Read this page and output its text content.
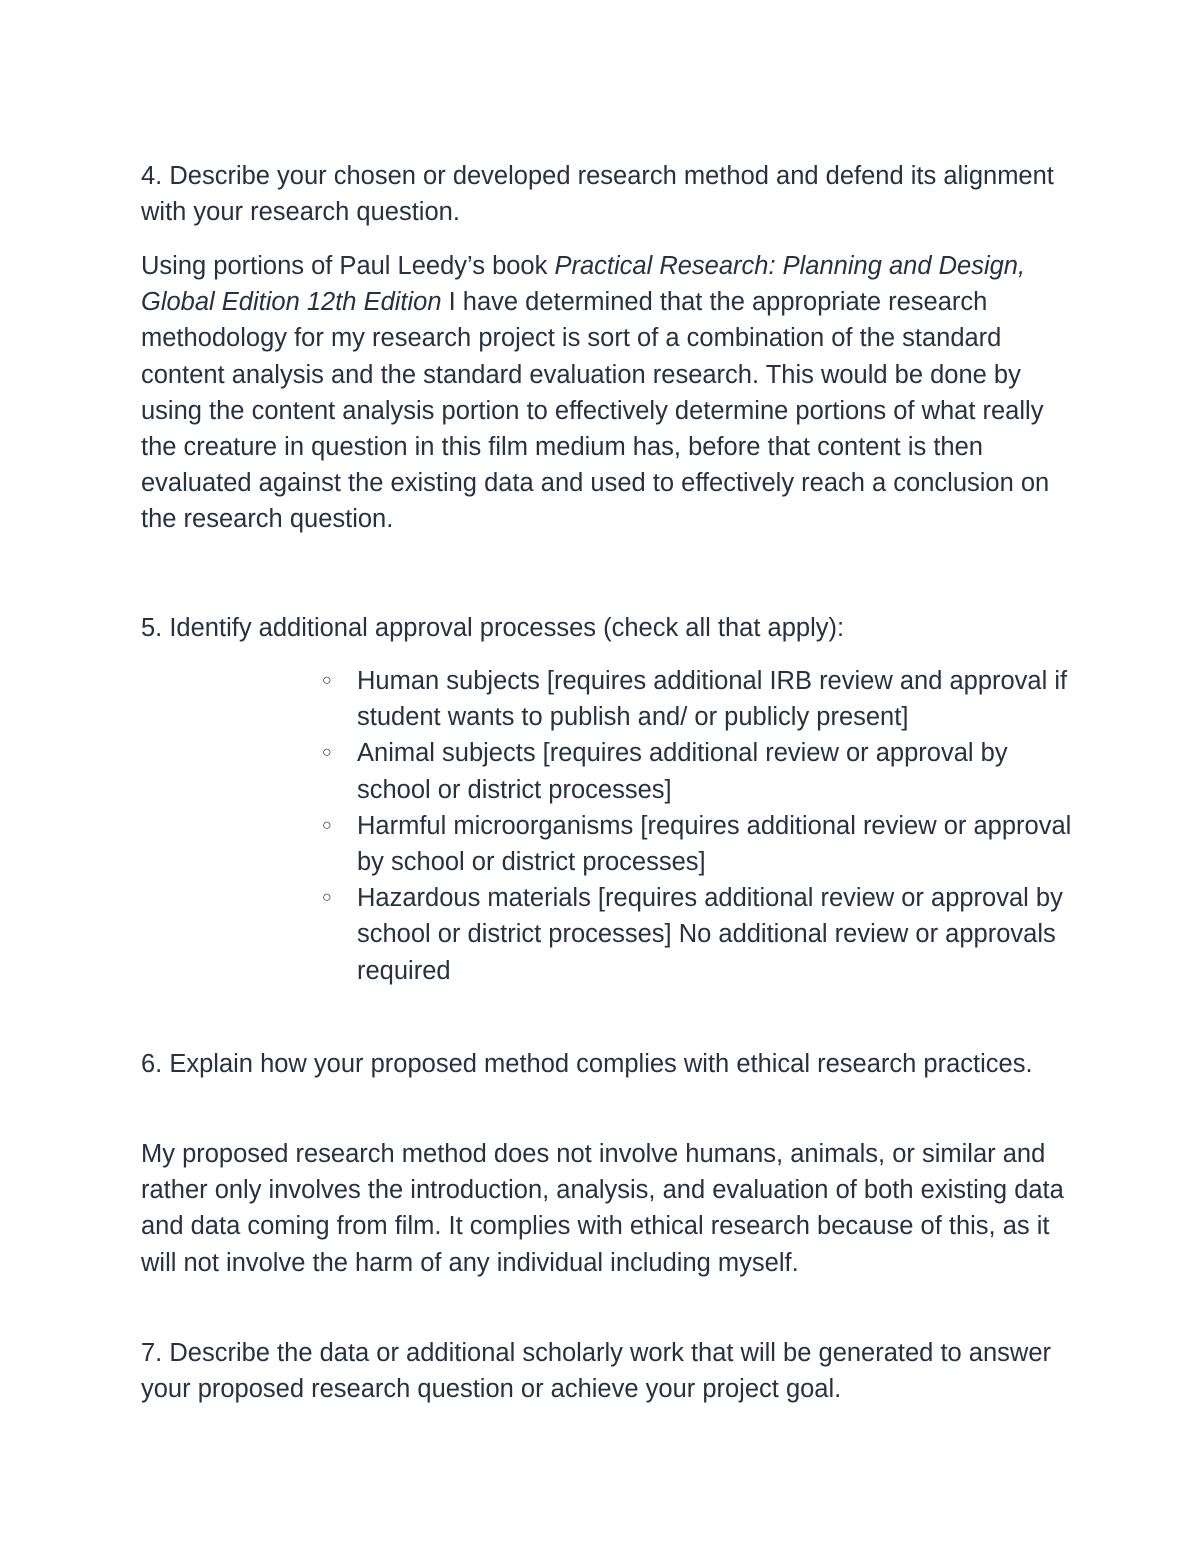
4. Describe your chosen or developed research method and defend its alignment with your research question.

Using portions of Paul Leedy’s book Practical Research: Planning and Design, Global Edition 12th Edition I have determined that the appropriate research methodology for my research project is sort of a combination of the standard content analysis and the standard evaluation research. This would be done by using the content analysis portion to effectively determine portions of what really the creature in question in this film medium has, before that content is then evaluated against the existing data and used to effectively reach a conclusion on the research question.

5. Identify additional approval processes (check all that apply):

○ Human subjects [requires additional IRB review and approval if student wants to publish and/ or publicly present]
○ Animal subjects [requires additional review or approval by school or district processes]
○ Harmful microorganisms [requires additional review or approval by school or district processes]
○ Hazardous materials [requires additional review or approval by school or district processes] No additional review or approvals required

6. Explain how your proposed method complies with ethical research practices.

My proposed research method does not involve humans, animals, or similar and rather only involves the introduction, analysis, and evaluation of both existing data and data coming from film. It complies with ethical research because of this, as it will not involve the harm of any individual including myself.

7. Describe the data or additional scholarly work that will be generated to answer your proposed research question or achieve your project goal.
